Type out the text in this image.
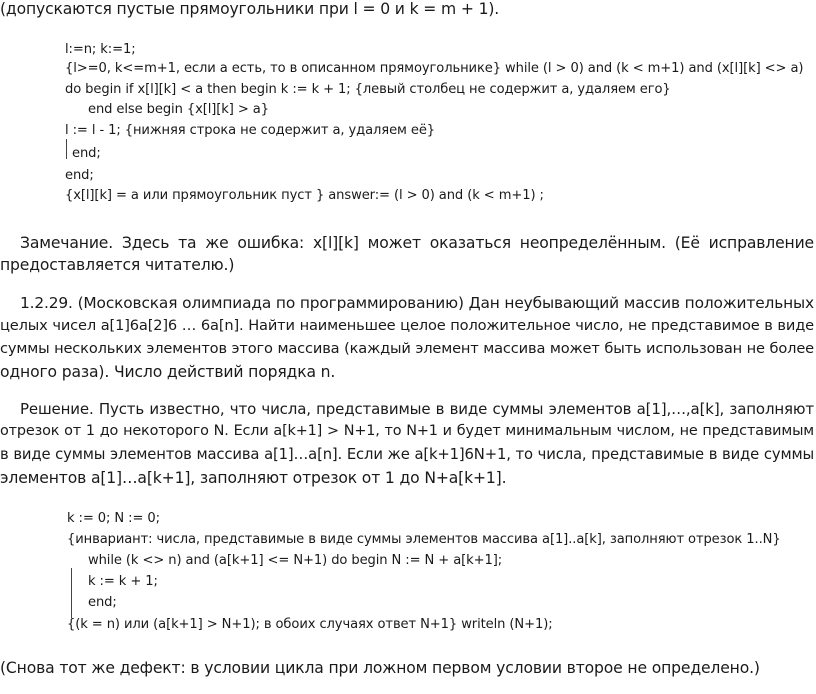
(допускаются пустые прямоугольники при l = 0 и k = m + 1).
l:=n; k:=1;
{l>=0, k<=m+1, если a есть, то в описанном прямоугольнике} while (l > 0) and (k < m+1) and (x[l][k] <> a)
do begin if x[l][k] < a then begin k := k + 1; {левый столбец не содержит a, удаляем его}
end else begin {x[l][k] > a}
l := l - 1; {нижняя строка не содержит a, удаляем её}
end;
end;
{x[l][k] = a или прямоугольник пуст } answer:= (l > 0) and (k < m+1) ;
Замечание. Здесь та же ошибка: x[l][k] может оказаться неопределённым. (Её исправление
предоставляется читателю.)
1.2.29. (Московская олимпиада по программированию) Дан неубывающий массив положительных
целых чисел a[1]6a[2]6 … 6a[n]. Найти наименьшее целое положительное число, не представимое в виде
суммы нескольких элементов этого массива (каждый элемент массива может быть использован не более
одного раза). Число действий порядка n.
Решение. Пусть известно, что числа, представимые в виде суммы элементов a[1],…,a[k], заполняют
отрезок от 1 до некоторого N. Если a[k+1] > N+1, то N+1 и будет минимальным числом, не представимым
в виде суммы элементов массива a[1]…a[n]. Если же a[k+1]6N+1, то числа, представимые в виде суммы
элементов a[1]…a[k+1], заполняют отрезок от 1 до N+a[k+1].
k := 0; N := 0;
{инвариант: числа, представимые в виде суммы элементов массива a[1]..a[k], заполняют отрезок 1..N}
while (k <> n) and (a[k+1] <= N+1) do begin N := N + a[k+1];
k := k + 1;
end;
{(k = n) или (a[k+1] > N+1); в обоих случаях ответ N+1} writeln (N+1);
(Снова тот же дефект: в условии цикла при ложном первом условии второе не определено.)
